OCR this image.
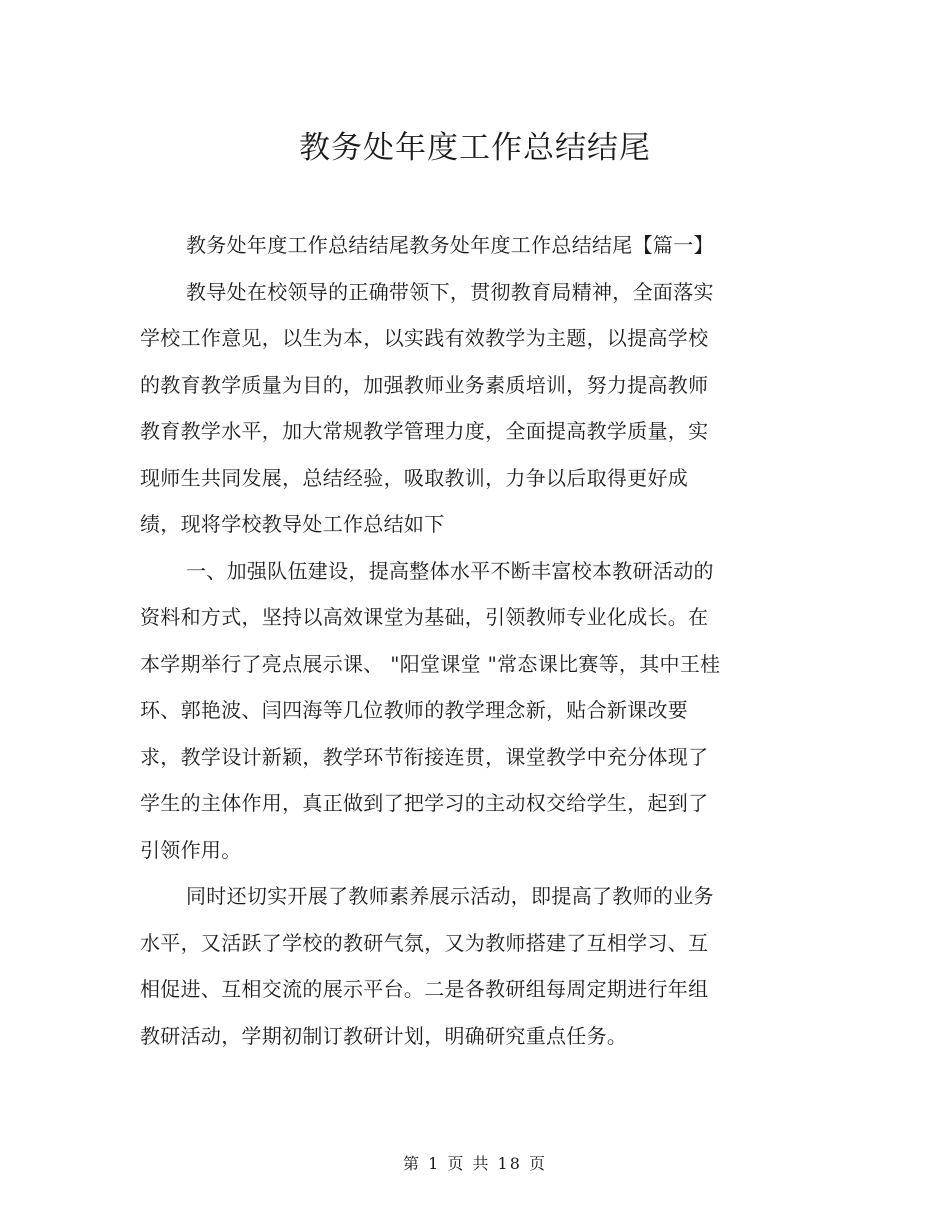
教务处年度工作总结结尾
教务处年度工作总结结尾教务处年度工作总结结尾【篇一】
教导处在校领导的正确带领下，贯彻教育局精神，全面落实
学校工作意见，以生为本，以实践有效教学为主题，以提高学校
的教育教学质量为目的，加强教师业务素质培训，努力提高教师
教育教学水平，加大常规教学管理力度，全面提高教学质量，实
现师生共同发展，总结经验，吸取教训，力争以后取得更好成
绩，现将学校教导处工作总结如下
一、加强队伍建设，提高整体水平不断丰富校本教研活动的
资料和方式，坚持以高效课堂为基础，引领教师专业化成长。在
本学期举行了亮点展示课、 "阳堂课堂 "常态课比赛等，其中王桂
环、郭艳波、闫四海等几位教师的教学理念新，贴合新课改要
求，教学设计新颖，教学环节衔接连贯，课堂教学中充分体现了
学生的主体作用，真正做到了把学习的主动权交给学生，起到了
引领作用。
同时还切实开展了教师素养展示活动，即提高了教师的业务
水平，又活跃了学校的教研气氛，又为教师搭建了互相学习、互
相促进、互相交流的展示平台。二是各教研组每周定期进行年组
教研活动，学期初制订教研计划，明确研究重点任务。
第 1 页 共 18 页
